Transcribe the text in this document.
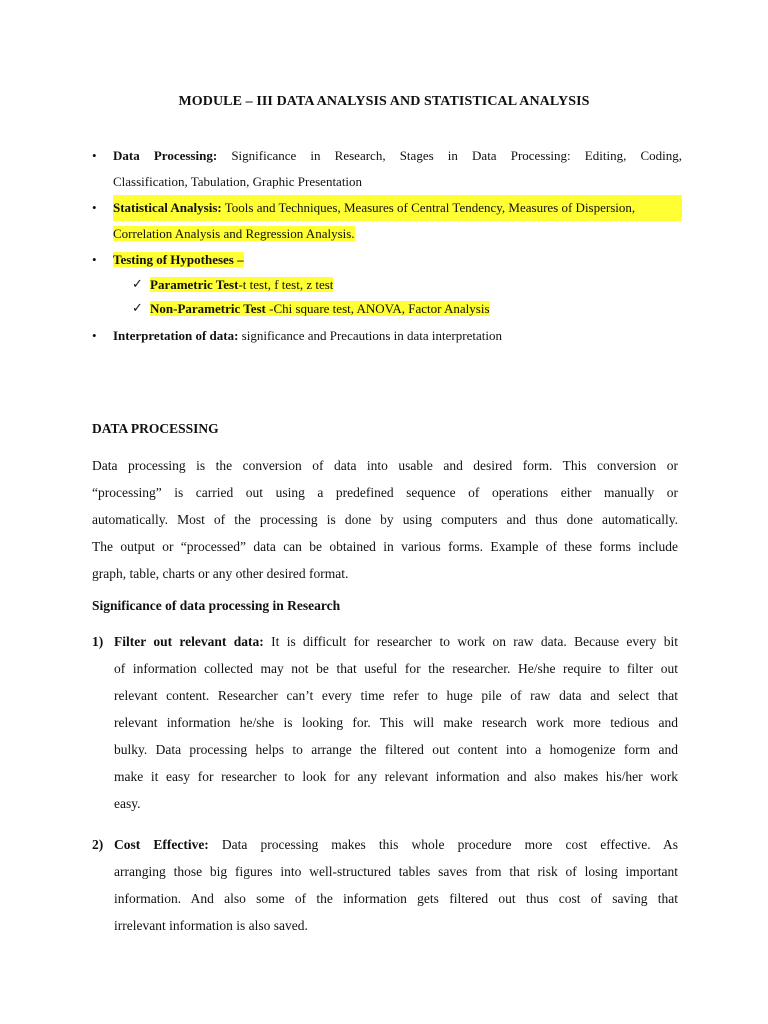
MODULE – III DATA ANALYSIS AND STATISTICAL ANALYSIS
•	Data Processing: Significance in Research, Stages in Data Processing: Editing, Coding,
Classification, Tabulation, Graphic Presentation
•	Statistical Analysis: Tools and Techniques, Measures of Central Tendency, Measures of Dispersion,
Correlation Analysis and Regression Analysis.
•	Testing of Hypotheses –
✓ Parametric Test-t test, f test, z test
✓ Non-Parametric Test -Chi square test, ANOVA, Factor Analysis
•	Interpretation of data: significance and Precautions in data interpretation
DATA PROCESSING
Data processing is the conversion of data into usable and desired form. This conversion or
“processing” is carried out using a predefined sequence of operations either manually or
automatically. Most of the processing is done by using computers and thus done automatically.
The output or “processed” data can be obtained in various forms. Example of these forms include
graph, table, charts or any other desired format.
Significance of data processing in Research
1) Filter out relevant data: It is difficult for researcher to work on raw data. Because every bit
of information collected may not be that useful for the researcher. He/she require to filter out
relevant content. Researcher can’t every time refer to huge pile of raw data and select that
relevant information he/she is looking for. This will make research work more tedious and
bulky. Data processing helps to arrange the filtered out content into a homogenize form and
make it easy for researcher to look for any relevant information and also makes his/her work
easy.
2) Cost Effective: Data processing makes this whole procedure more cost effective. As
arranging those big figures into well-structured tables saves from that risk of losing important
information. And also some of the information gets filtered out thus cost of saving that
irrelevant information is also saved.
